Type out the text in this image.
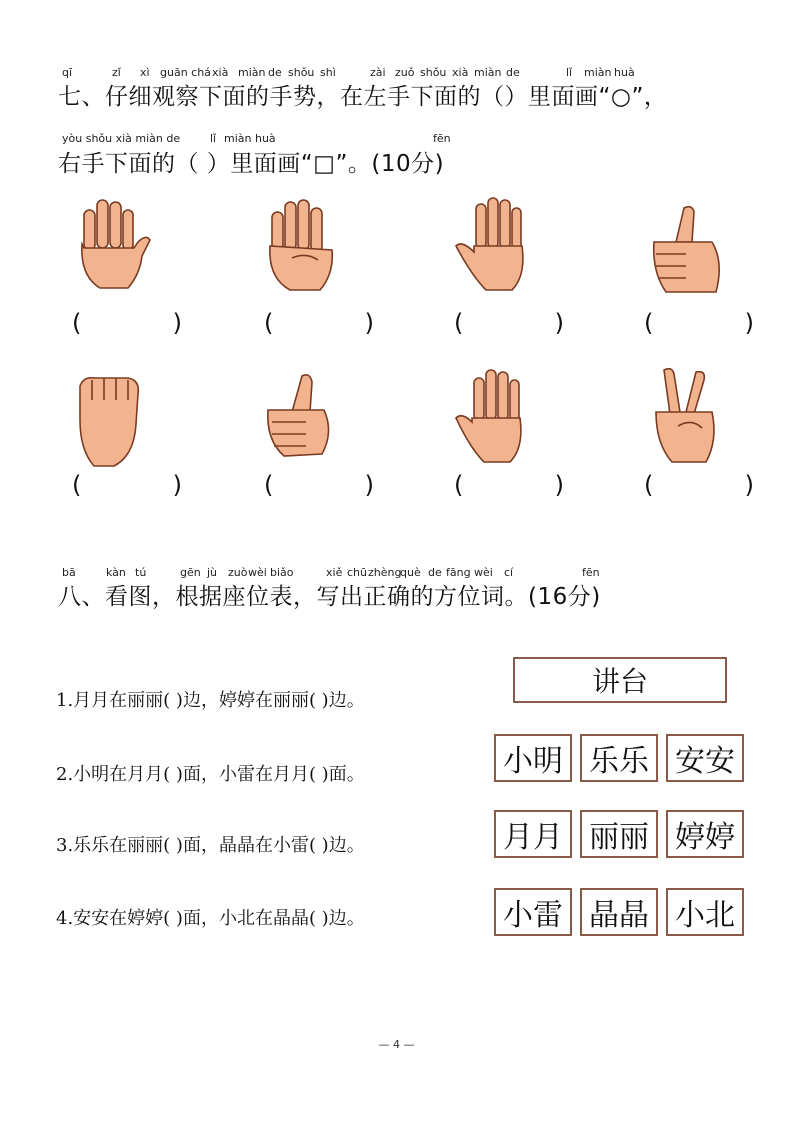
qī	zǐ xì guān chá xià miàn de shǒu shì	zài zuǒ shǒu xià miàn de	lǐ miàn huà
七、仔细观察下面的手势，在左手下面的（）里面画“○”，
yòu shǒu xià miàn de	lǐ miàn huà	fēn
右手下面的（ ）里面画“□”。(10分)
(	)	(	)	(	)	(	)
(	)	(	)	(	)	(	)
bā	kàn tú	gēn jù zuò wèi biǎo	xiě chū zhèng
què de fāng wèi cí	fēn
八、看图，根据座位表，写出正确的方位词。(16分)
1.月月在丽丽( )边，婷婷在丽丽( )边。
2.小明在月月( )面，小雷在月月( )面。
3.乐乐在丽丽( )面，晶晶在小雷( )边。
4.安安在婷婷( )面，小北在晶晶( )边。
讲台
小明 乐乐 安安
月月 丽丽 婷婷
小雷 晶晶 小北
— 4 —
